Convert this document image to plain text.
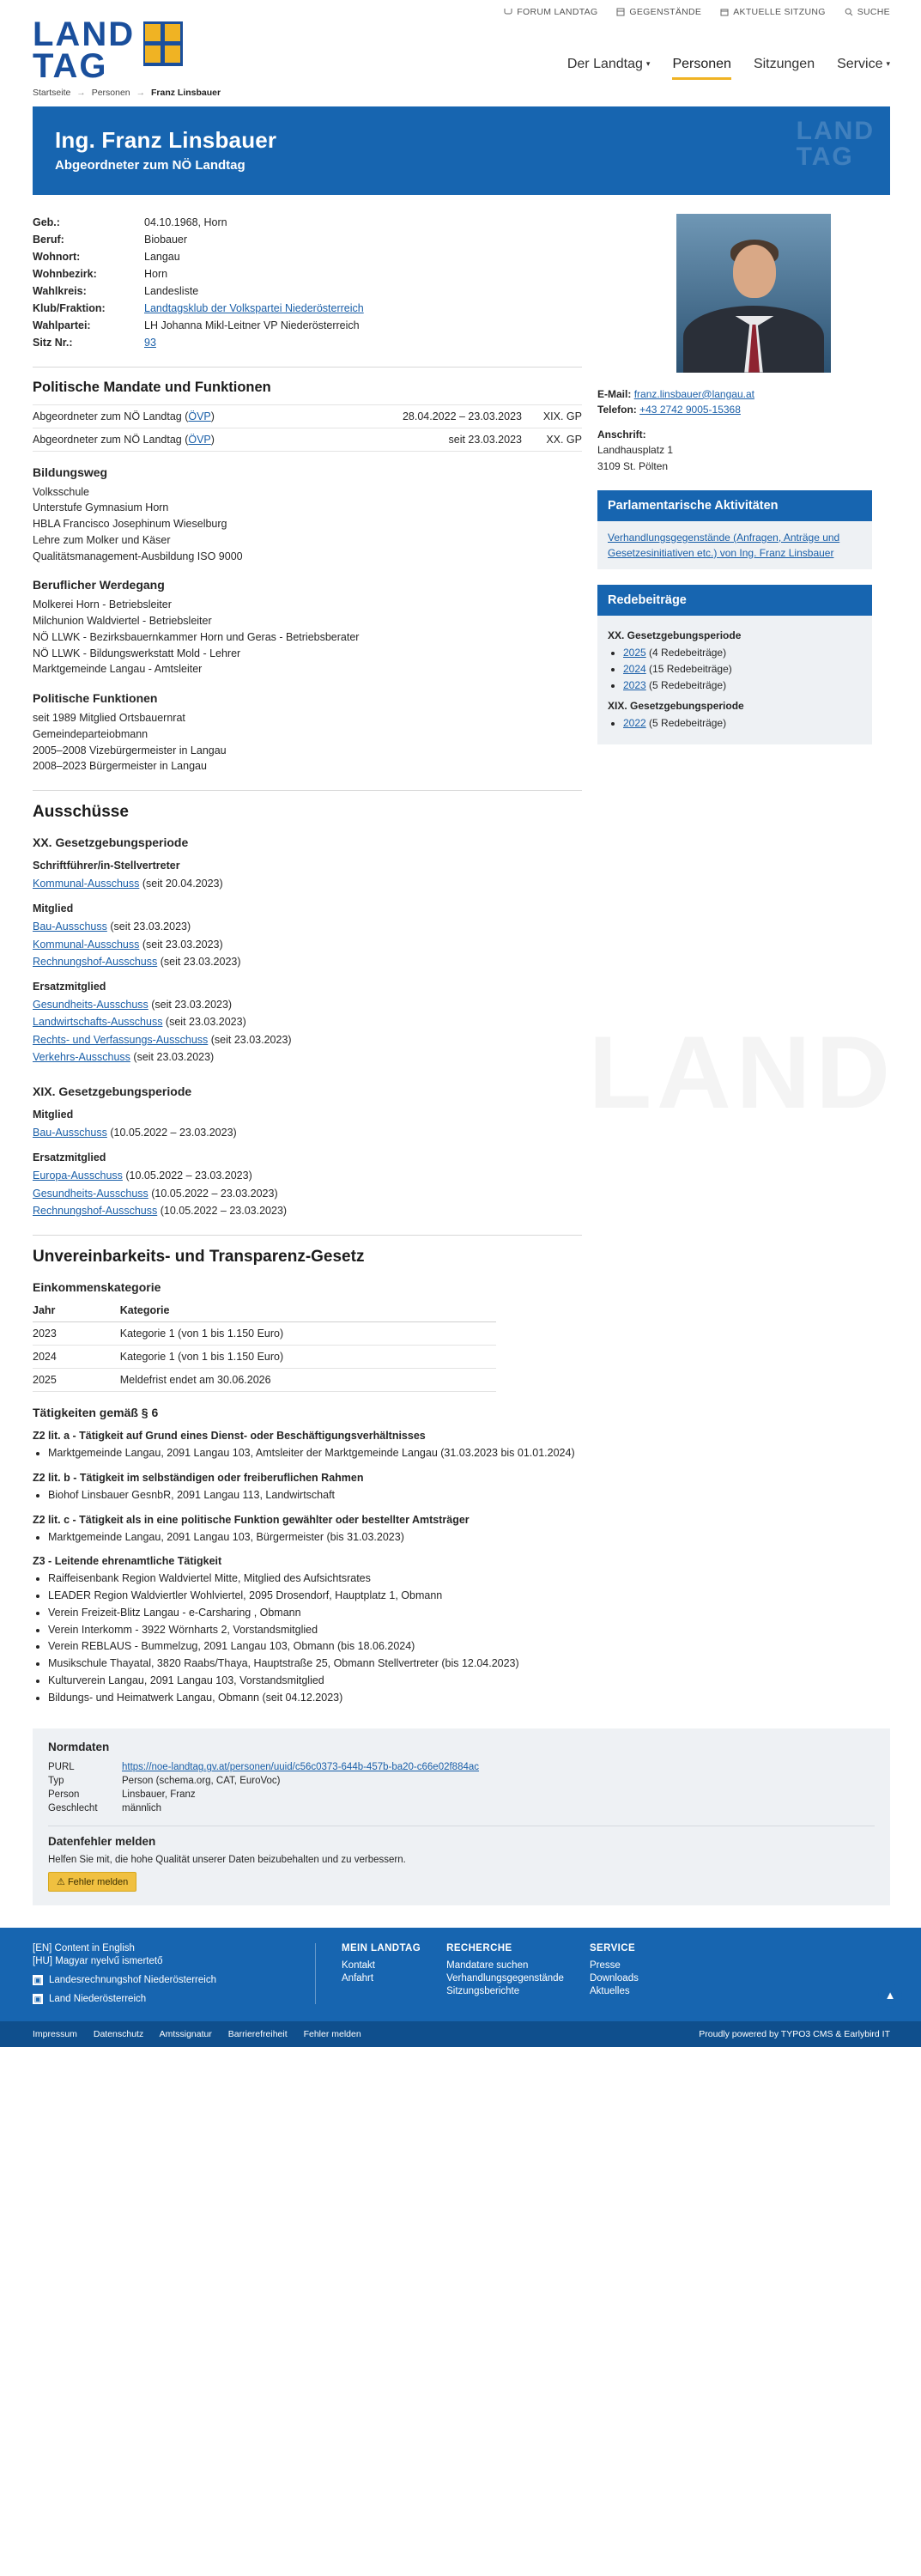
LAND
FORUM LANDTAG	GEGENSTÄNDE	AKTUELLE SITZUNG	SUCHE
LAND
TAG
Startseite → Personen → Franz Linsbauer
Der Landtag ▾ Personen Sitzungen Service ▾
Ing. Franz Linsbauer
Abgeordneter zum NÖ Landtag
LAND
TAG
Geb.:	04.10.1968, Horn
Beruf:	Biobauer
Wohnort:	Langau
Wohnbezirk:	Horn
Wahlkreis:	Landesliste
Klub/Fraktion:	Landtagsklub der Volkspartei Niederösterreich
Wahlpartei:	LH Johanna Mikl-Leitner VP Niederösterreich
Sitz Nr.:	93
Politische Mandate und Funktionen
Abgeordneter zum NÖ Landtag (ÖVP)	28.04.2022 – 23.03.2023	XIX. GP
Abgeordneter zum NÖ Landtag (ÖVP)	seit 23.03.2023	XX. GP
Bildungsweg
Volksschule
Unterstufe Gymnasium Horn
HBLA Francisco Josephinum Wieselburg
Lehre zum Molker und Käser
Qualitätsmanagement-Ausbildung ISO 9000
Beruflicher Werdegang
Molkerei Horn - Betriebsleiter
Milchunion Waldviertel - Betriebsleiter
NÖ LLWK - Bezirksbauernkammer Horn und Geras - Betriebsberater
NÖ LLWK - Bildungswerkstatt Mold - Lehrer
Marktgemeinde Langau - Amtsleiter
Politische Funktionen
seit 1989 Mitglied Ortsbauernrat
Gemeindeparteiobmann
2005–2008 Vizebürgermeister in Langau
2008–2023 Bürgermeister in Langau
Ausschüsse
XX. Gesetzgebungsperiode
Schriftführer/in-Stellvertreter
Kommunal-Ausschuss (seit 20.04.2023)
Mitglied
Bau-Ausschuss (seit 23.03.2023)
Kommunal-Ausschuss (seit 23.03.2023)
Rechnungshof-Ausschuss (seit 23.03.2023)
Ersatzmitglied
Gesundheits-Ausschuss (seit 23.03.2023)
Landwirtschafts-Ausschuss (seit 23.03.2023)
Rechts- und Verfassungs-Ausschuss (seit 23.03.2023)
Verkehrs-Ausschuss (seit 23.03.2023)
XIX. Gesetzgebungsperiode
Mitglied
Bau-Ausschuss (10.05.2022 – 23.03.2023)
Ersatzmitglied
Europa-Ausschuss (10.05.2022 – 23.03.2023)
Gesundheits-Ausschuss (10.05.2022 – 23.03.2023)
Rechnungshof-Ausschuss (10.05.2022 – 23.03.2023)
Unvereinbarkeits- und Transparenz-Gesetz
Einkommenskategorie
Jahr	Kategorie
2023	Kategorie 1 (von 1 bis 1.150 Euro)
2024	Kategorie 1 (von 1 bis 1.150 Euro)
2025	Meldefrist endet am 30.06.2026
Tätigkeiten gemäß § 6
Z2 lit. a - Tätigkeit auf Grund eines Dienst- oder Beschäftigungsverhältnisses
• Marktgemeinde Langau, 2091 Langau 103, Amtsleiter der Marktgemeinde Langau (31.03.2023 bis 01.01.2024)
Z2 lit. b - Tätigkeit im selbständigen oder freiberuflichen Rahmen
• Biohof Linsbauer GesnbR, 2091 Langau 113, Landwirtschaft
Z2 lit. c - Tätigkeit als in eine politische Funktion gewählter oder bestellter Amtsträger
• Marktgemeinde Langau, 2091 Langau 103, Bürgermeister (bis 31.03.2023)
Z3 - Leitende ehrenamtliche Tätigkeit
• Raiffeisenbank Region Waldviertel Mitte, Mitglied des Aufsichtsrates
• LEADER Region Waldviertler Wohlviertel, 2095 Drosendorf, Hauptplatz 1, Obmann
• Verein Freizeit-Blitz Langau - e-Carsharing , Obmann
• Verein Interkomm - 3922 Wörnharts 2, Vorstandsmitglied
• Verein REBLAUS - Bummelzug, 2091 Langau 103, Obmann (bis 18.06.2024)
• Musikschule Thayatal, 3820 Raabs/Thaya, Hauptstraße 25, Obmann Stellvertreter (bis 12.04.2023)
• Kulturverein Langau, 2091 Langau 103, Vorstandsmitglied
• Bildungs- und Heimatwerk Langau, Obmann (seit 04.12.2023)
E-Mail: franz.linsbauer@langau.at
Telefon: +43 2742 9005-15368
Anschrift:
Landhausplatz 1
3109 St. Pölten
Parlamentarische Aktivitäten
Verhandlungsgegenstände (Anfragen, Anträge und Gesetzesinitiativen etc.) von Ing. Franz Linsbauer
Redebeiträge
XX. Gesetzgebungsperiode
• 2025 (4 Redebeiträge)
• 2024 (15 Redebeiträge)
• 2023 (5 Redebeiträge)
XIX. Gesetzgebungsperiode
• 2022 (5 Redebeiträge)
Normdaten
PURL	https://noe-landtag.gv.at/personen/uuid/c56c0373-644b-457b-ba20-c66e02f884ac
Typ	Person (schema.org, CAT, EuroVoc)
Person	Linsbauer, Franz
Geschlecht	männlich
Datenfehler melden
Helfen Sie mit, die hohe Qualität unserer Daten beizubehalten und zu verbessern.
⚠ Fehler melden
[EN] Content in English
[HU] Magyar nyelvű ismertető
▣ Landesrechnungshof Niederösterreich
▣ Land Niederösterreich
MEIN LANDTAG
Kontakt
Anfahrt
RECHERCHE
Mandatare suchen
Verhandlungsgegenstände
Sitzungsberichte
SERVICE
Presse
Downloads
Aktuelles
Impressum Datenschutz Amtssignatur Barrierefreiheit Fehler melden	Proudly powered by TYPO3 CMS & Earlybird IT
▲
